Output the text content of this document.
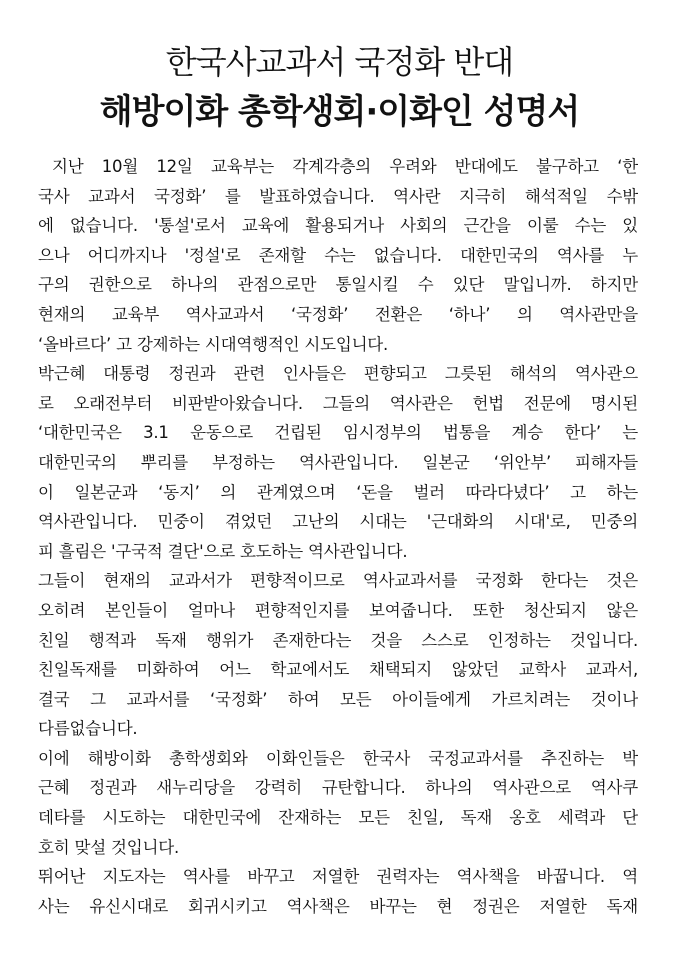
한국사교과서 국정화 반대
해방이화 총학생회·이화인 성명서
지난 10월 12일 교육부는 각계각층의 우려와 반대에도 불구하고 ‘한
국사 교과서 국정화’ 를 발표하였습니다. 역사란 지극히 해석적일 수밖
에 없습니다. '통설'로서 교육에 활용되거나 사회의 근간을 이룰 수는 있
으나 어디까지나 '정설'로 존재할 수는 없습니다. 대한민국의 역사를 누
구의 권한으로 하나의 관점으로만 통일시킬 수 있단 말입니까. 하지만
현재의 교육부 역사교과서 ‘국정화’ 전환은 ‘하나’ 의 역사관만을
‘올바르다’ 고 강제하는 시대역행적인 시도입니다.
박근혜 대통령 정권과 관련 인사들은 편향되고 그릇된 해석의 역사관으
로 오래전부터 비판받아왔습니다. 그들의 역사관은 헌법 전문에 명시된
‘대한민국은 3.1 운동으로 건립된 임시정부의 법통을 계승 한다’ 는
대한민국의 뿌리를 부정하는 역사관입니다. 일본군 ‘위안부’ 피해자들
이 일본군과 ‘동지’ 의 관계였으며 ‘돈을 벌러 따라다녔다’ 고 하는
역사관입니다. 민중이 겪었던 고난의 시대는 '근대화의 시대'로, 민중의
피 흘림은 '구국적 결단'으로 호도하는 역사관입니다.
그들이 현재의 교과서가 편향적이므로 역사교과서를 국정화 한다는 것은
오히려 본인들이 얼마나 편향적인지를 보여줍니다. 또한 청산되지 않은
친일 행적과 독재 행위가 존재한다는 것을 스스로 인정하는 것입니다.
친일독재를 미화하여 어느 학교에서도 채택되지 않았던 교학사 교과서,
결국 그 교과서를 ‘국정화’ 하여 모든 아이들에게 가르치려는 것이나
다름없습니다.
이에 해방이화 총학생회와 이화인들은 한국사 국정교과서를 추진하는 박
근혜 정권과 새누리당을 강력히 규탄합니다. 하나의 역사관으로 역사쿠
데타를 시도하는 대한민국에 잔재하는 모든 친일, 독재 옹호 세력과 단
호히 맞설 것입니다.
뛰어난 지도자는 역사를 바꾸고 저열한 권력자는 역사책을 바꿉니다. 역
사는 유신시대로 회귀시키고 역사책은 바꾸는 현 정권은 저열한 독재
